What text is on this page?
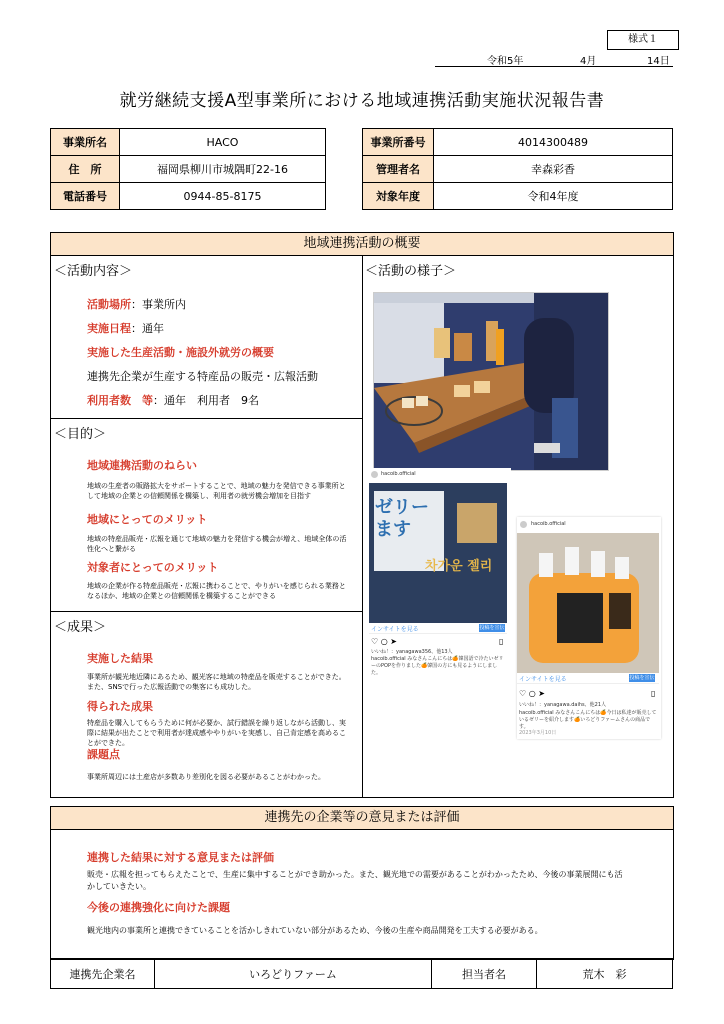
様式１
令和5年	4月	14日
就労継続支援A型事業所における地域連携活動実施状況報告書
事業所名	HACO
住　所	福岡県柳川市城隅町22-16
電話番号	0944-85-8175
事業所番号	4014300489
管理者名	幸森彩香
対象年度	令和4年度
地域連携活動の概要
＜活動内容＞
活動場所：事業所内
実施日程：通年
実施した生産活動・施設外就労の概要
連携先企業が生産する特産品の販売・広報活動
利用者数　等：通年　利用者　9名
＜目的＞
地域連携活動のねらい
地域の生産者の販路拡大をサポートすることで、地域の魅力を発信できる事業所として地域の企業との信頼関係を構築し、利用者の就労機会増加を目指す
地域にとってのメリット
地域の特産品販売・広報を通じて地域の魅力を発信する機会が増え、地域全体の活性化へと繋がる
対象者にとってのメリット
地域の企業が作る特産品販売・広報に携わることで、やりがいを感じられる業務となるほか、地域の企業との信頼関係を構築することができる
＜成果＞
実施した結果
事業所が観光地近隣にあるため、観光客に地域の特産品を販売することができた。また、SNSで行った広報活動での集客にも成功した。
得られた成果
特産品を購入してもらうために何が必要か、試行錯誤を繰り返しながら活動し、実際に結果が出たことで利用者が達成感ややりがいを実感し、自己肯定感を高めることができた。
課題点
事業所周辺には土産店が多数あり差別化を図る必要があることがわかった。
＜活動の様子＞
hacoib.official
ゼリー
ます
차가운 젤리
インサイトを見る	投稿を宣伝
♡ ○ ➤	▯
いいね！：yanagawa356、他13人
hacoib.official みなさんこんにちは🍊韓国語で冷たいゼリーのPOPを作りました🍊韓国の方にも見るようにしました。
hacoib.official
インサイトを見る	投稿を宣伝
♡ ○ ➤	▯
いいね！：yanagawa.daihs、他21人
hacoib.official みなさんこんにちは🍊今日は私達が販売しているゼリーを紹介します🍊いろどりファームさんの商品です。
2023年3月10日
連携先の企業等の意見または評価
連携した結果に対する意見または評価
販売・広報を担ってもらえたことで、生産に集中することができ助かった。また、観光地での需要があることがわかったため、今後の事業展開にも活かしていきたい。
今後の連携強化に向けた課題
観光地内の事業所と連携できていることを活かしきれていない部分があるため、今後の生産や商品開発を工夫する必要がある。
連携先企業名	いろどりファーム	担当者名	荒木　彩
